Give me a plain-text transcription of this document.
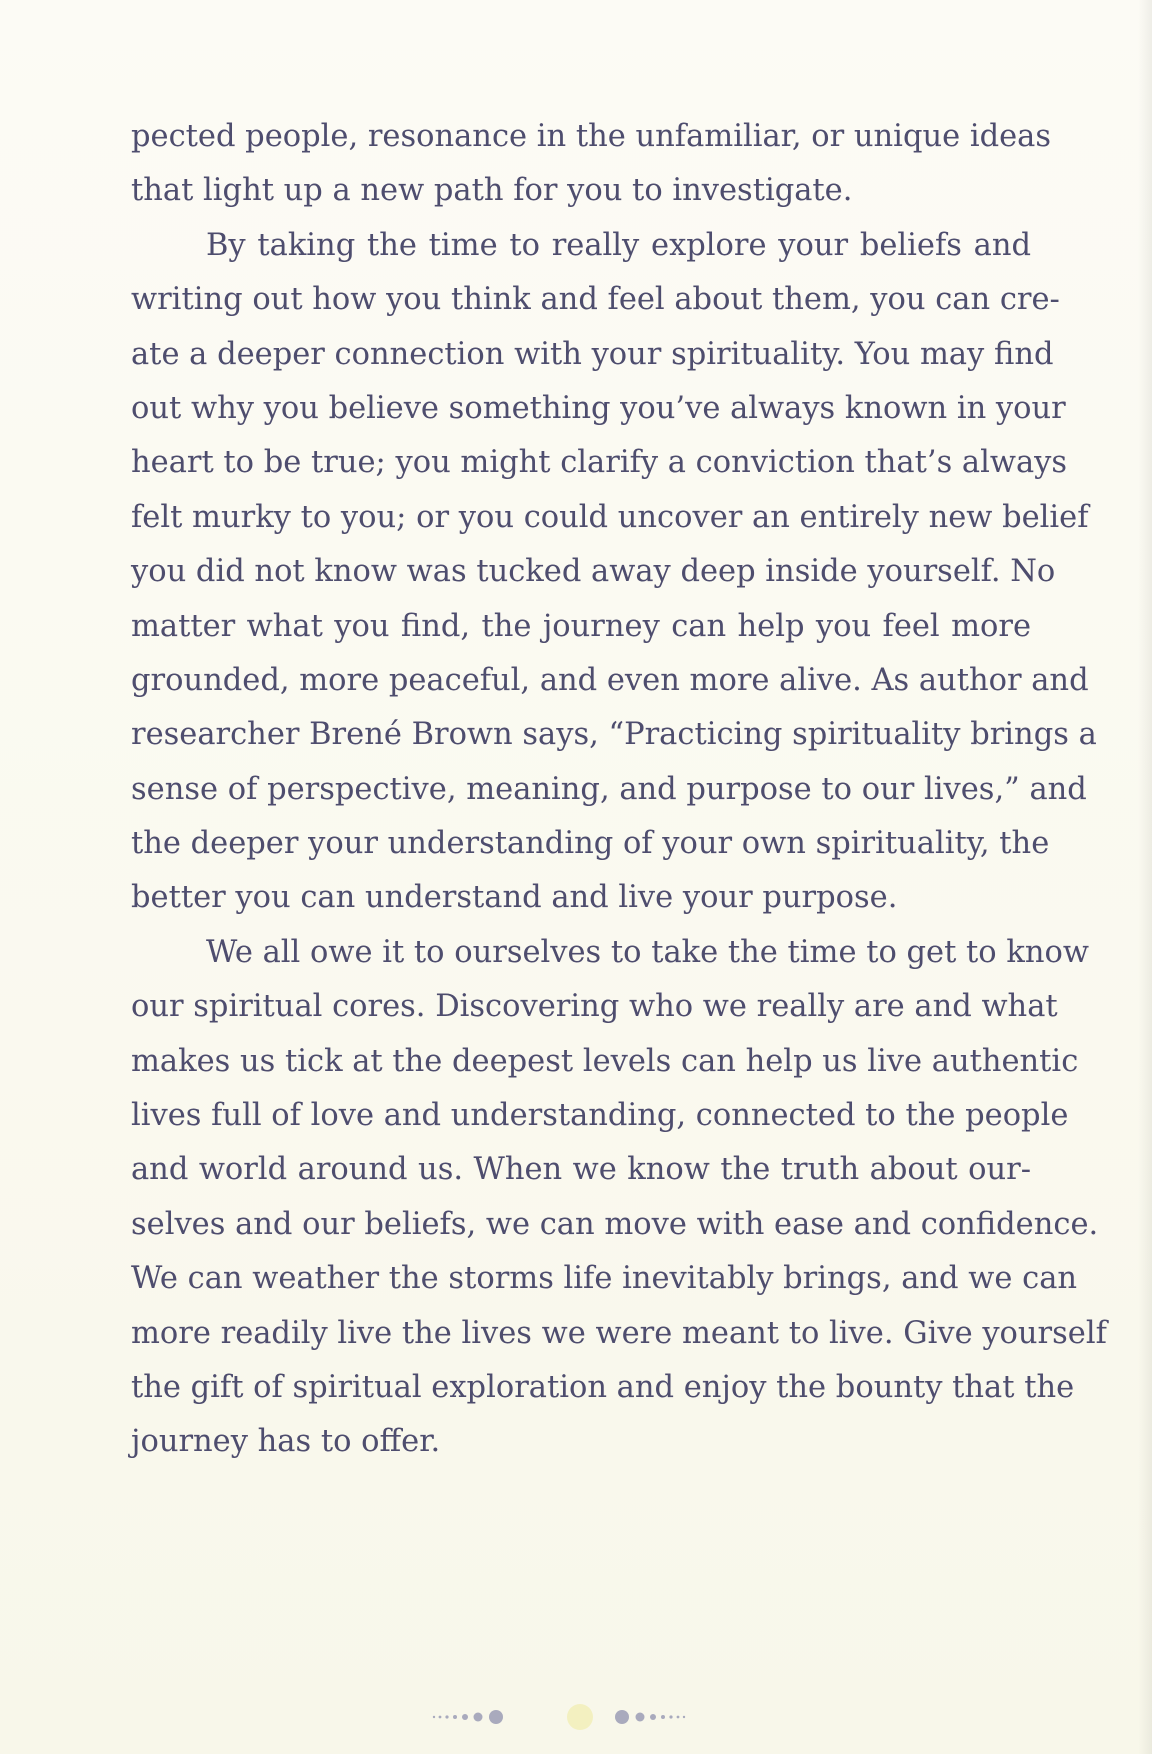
pected people, resonance in the unfamiliar, or unique ideas
that light up a new path for you to investigate.
By taking the time to really explore your beliefs and
writing out how you think and feel about them, you can cre-
ate a deeper connection with your spirituality. You may find
out why you believe something you’ve always known in your
heart to be true; you might clarify a conviction that’s always
felt murky to you; or you could uncover an entirely new belief
you did not know was tucked away deep inside yourself. No
matter what you find, the journey can help you feel more
grounded, more peaceful, and even more alive. As author and
researcher Brené Brown says, “Practicing spirituality brings a
sense of perspective, meaning, and purpose to our lives,” and
the deeper your understanding of your own spirituality, the
better you can understand and live your purpose.
We all owe it to ourselves to take the time to get to know
our spiritual cores. Discovering who we really are and what
makes us tick at the deepest levels can help us live authentic
lives full of love and understanding, connected to the people
and world around us. When we know the truth about our-
selves and our beliefs, we can move with ease and confidence.
We can weather the storms life inevitably brings, and we can
more readily live the lives we were meant to live. Give yourself
the gift of spiritual exploration and enjoy the bounty that the
journey has to offer.
